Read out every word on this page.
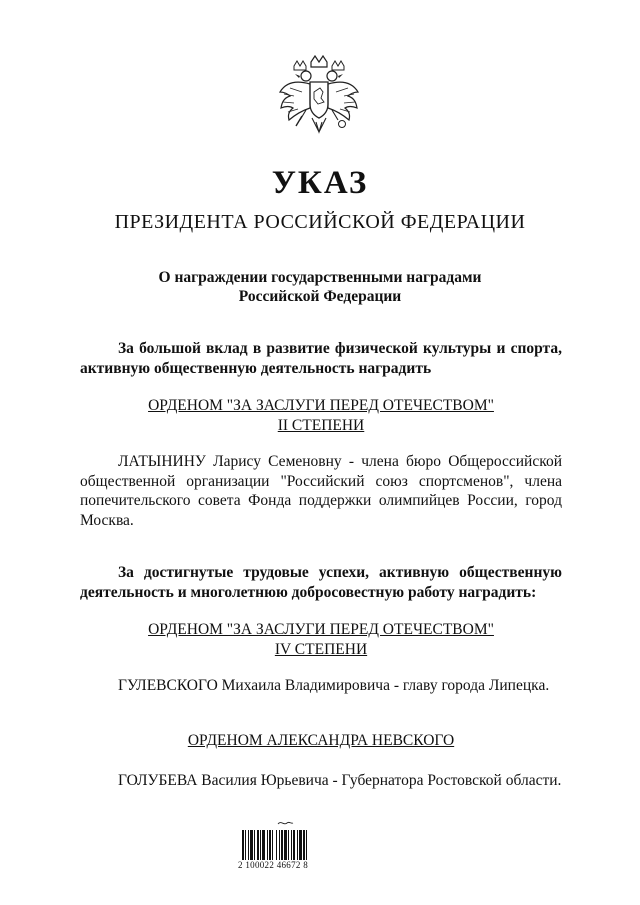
УКАЗ
ПРЕЗИДЕНТА РОССИЙСКОЙ ФЕДЕРАЦИИ
О награждении государственными наградами
Российской Федерации
За большой вклад в развитие физической культуры и спорта, активную общественную деятельность наградить
ОРДЕНОМ "ЗА ЗАСЛУГИ ПЕРЕД ОТЕЧЕСТВОМ"
II СТЕПЕНИ
ЛАТЫНИНУ Ларису Семеновну - члена бюро Общероссийской общественной организации "Российский союз спортсменов", члена попечительского совета Фонда поддержки олимпийцев России, город Москва.
За достигнутые трудовые успехи, активную общественную деятельность и многолетнюю добросовестную работу наградить:
ОРДЕНОМ "ЗА ЗАСЛУГИ ПЕРЕД ОТЕЧЕСТВОМ"
IV СТЕПЕНИ
ГУЛЕВСКОГО Михаила Владимировича - главу города Липецка.
ОРДЕНОМ АЛЕКСАНДРА НЕВСКОГО
ГОЛУБЕВА Василия Юрьевича - Губернатора Ростовской области.
2 100022 46672 8
